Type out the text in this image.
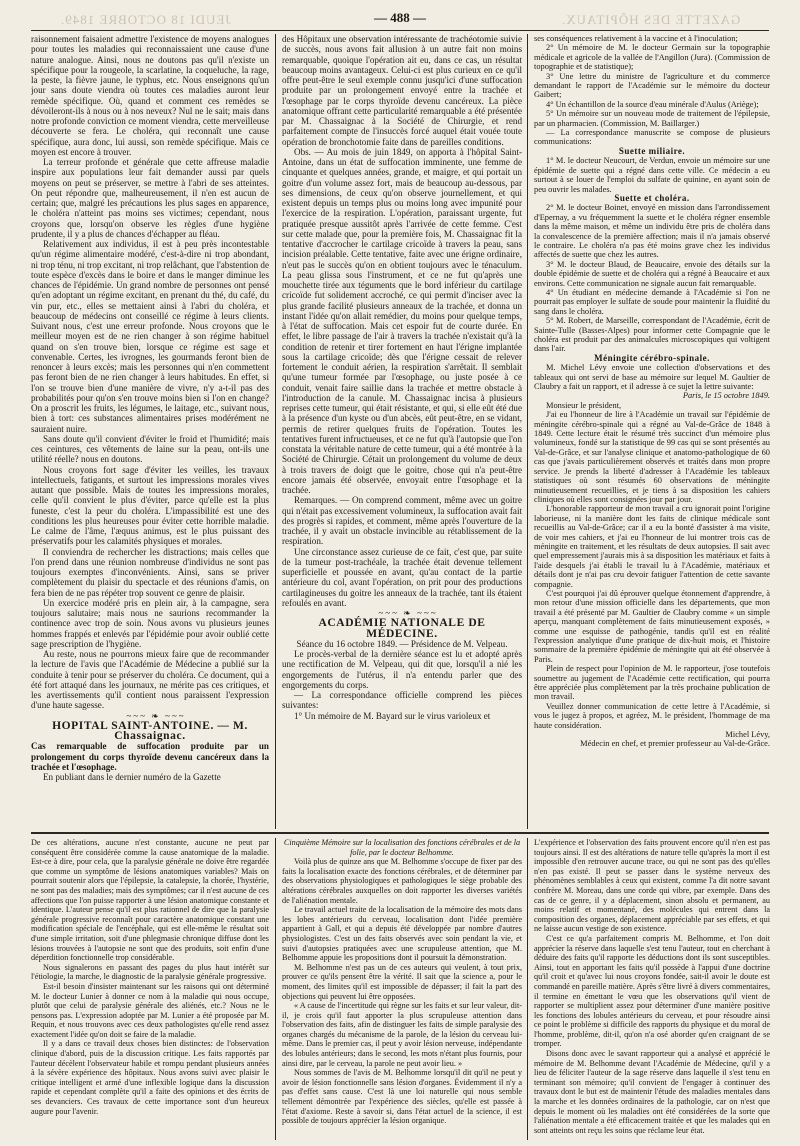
JEUDI 18 OCTOBRE 1849.	— 488 —	GAZETTE DES HÔPITAUX.

raisonnement faisaient admettre l'existence de moyens analogues pour toutes les maladies qui reconnaissaient une cause d'une nature analogue. Ainsi, nous ne doutons pas qu'il n'existe un spécifique pour la rougeole, la scarlatine, la coqueluche, la rage, la peste, la fièvre jaune, le typhus, etc. Nous enseignons qu'un jour sans doute viendra où toutes ces maladies auront leur remède spécifique. Où, quand et comment ces remèdes se dévoileront-ils à nous ou à nos neveux? Nul ne le sait; mais dans notre profonde conviction ce moment viendra, cette merveilleuse découverte se fera. Le choléra, qui reconnaît une cause spécifique, aura donc, lui aussi, son remède spécifique. Mais ce moyen est encore à trouver.

La terreur profonde et générale que cette affreuse maladie inspire aux populations leur fait demander aussi par quels moyens on peut se préserver, se mettre à l'abri de ses atteintes. On peut répondre que, malheureusement, il n'en est aucun de certain; que, malgré les précautions les plus sages en apparence, le choléra n'atteint pas moins ses victimes; cependant, nous croyons que, lorsqu'on observe les règles d'une hygiène prudente, il y a plus de chances d'échapper au fléau.

Relativement aux individus, il est à peu près incontestable qu'un régime alimentaire modéré, c'est-à-dire ni trop abondant, ni trop ténu, ni trop excitant, ni trop relâchant, que l'abstention de toute espèce d'excès dans le boire et dans le manger diminue les chances de l'épidémie. Un grand nombre de personnes ont pensé qu'en adoptant un régime excitant, en prenant du thé, du café, du vin pur, etc., elles se mettaient ainsi à l'abri du choléra, et beaucoup de médecins ont conseillé ce régime à leurs clients. Suivant nous, c'est une erreur profonde. Nous croyons que le meilleur moyen est de ne rien changer à son régime habituel quand on s'en trouve bien, lorsque ce régime est sage et convenable. Certes, les ivrognes, les gourmands feront bien de renoncer à leurs excès; mais les personnes qui n'en commettent pas feront bien de ne rien changer à leurs habitudes. En effet, si l'on se trouve bien d'une manière de vivre, n'y a-t-il pas des probabilités pour qu'on s'en trouve moins bien si l'on en change? On a proscrit les fruits, les légumes, le laitage, etc., suivant nous, bien à tort: ces substances alimentaires prises modérément ne sauraient nuire.

Sans doute qu'il convient d'éviter le froid et l'humidité; mais ces ceintures, ces vêtements de laine sur la peau, ont-ils une utilité réelle? nous en doutons.

Nous croyons fort sage d'éviter les veilles, les travaux intellectuels, fatigants, et surtout les impressions morales vives autant que possible. Mais de toutes les impressions morales, celle qu'il convient le plus d'éviter, parce qu'elle est la plus funeste, c'est la peur du choléra. L'impassibilité est une des conditions les plus heureuses pour éviter cette horrible maladie. Le calme de l'âme, l'æquus animus, est le plus puissant des préservatifs pour les calamités physiques et morales.

Il conviendra de rechercher les distractions; mais celles que l'on prend dans une réunion nombreuse d'individus ne sont pas toujours exemptes d'inconvénients. Ainsi, sans se priver complètement du plaisir du spectacle et des réunions d'amis, on fera bien de ne pas répéter trop souvent ce genre de plaisir.

Un exercice modéré pris en plein air, à la campagne, sera toujours salutaire; mais nous ne saurions recommander la continence avec trop de soin. Nous avons vu plusieurs jeunes hommes frappés et enlevés par l'épidémie pour avoir oublié cette sage prescription de l'hygiène.

Au reste, nous ne pourrons mieux faire que de recommander la lecture de l'avis que l'Académie de Médecine a publié sur la conduite à tenir pour se préserver du choléra. Ce document, qui a été fort attaqué dans les journaux, ne mérite pas ces critiques, et les avertissements qu'il contient nous paraissent l'expression d'une haute sagesse.

~~~ ❧ ~~~

HOPITAL SAINT-ANTOINE. — M. Chassaignac.

Cas remarquable de suffocation produite par un prolongement du corps thyroïde devenu cancéreux dans la trachée et l'œsophage.

En publiant dans le dernier numéro de la Gazette

des Hôpitaux une observation intéressante de trachéotomie suivie de succès, nous avons fait allusion à un autre fait non moins remarquable, quoique l'opération ait eu, dans ce cas, un résultat beaucoup moins avantageux. Celui-ci est plus curieux en ce qu'il offre peut-être le seul exemple connu jusqu'ici d'une suffocation produite par un prolongement envoyé entre la trachée et l'œsophage par le corps thyroïde devenu cancéreux. La pièce anatomique offrant cette particularité remarquable a été présentée par M. Chassaignac à la Société de Chirurgie, et rend parfaitement compte de l'insuccès forcé auquel était vouée toute opération de bronchotomie faite dans de pareilles conditions.

Obs. — Au mois de juin 1849, on apporta à l'hôpital Saint-Antoine, dans un état de suffocation imminente, une femme de cinquante et quelques années, grande, et maigre, et qui portait un goitre d'un volume assez fort, mais de beaucoup au-dessous, par ses dimensions, de ceux qu'on observe journellement, et qui existent depuis un temps plus ou moins long avec impunité pour l'exercice de la respiration. L'opération, paraissant urgente, fut pratiquée presque aussitôt après l'arrivée de cette femme. C'est sur cette malade que, pour la première fois, M. Chassaignac fit la tentative d'accrocher le cartilage cricoïde à travers la peau, sans incision préalable. Cette tentative, faite avec une érigne ordinaire, n'eut pas le succès qu'on en obtient toujours avec le ténaculum. La peau glissa sous l'instrument, et ce ne fut qu'après une mouchette tirée aux téguments que le bord inférieur du cartilage cricoïde fut solidement accroché, ce qui permit d'inciser avec la plus grande facilité plusieurs anneaux de la trachée, et donna un instant l'idée qu'on allait remédier, du moins pour quelque temps, à l'état de suffocation. Mais cet espoir fut de courte durée. En effet, le libre passage de l'air à travers la trachée n'existait qu'à la condition de retenir et tirer fortement en haut l'érigne implantée sous la cartilage cricoïde; dès que l'érigne cessait de relever fortement le conduit aérien, la respiration s'arrêtait. Il semblait qu'une tumeur formée par l'œsophage, ou juste posée à ce conduit, venait faire saillie dans la trachée et mettre obstacle à l'introduction de la canule. M. Chassaignac incisa à plusieurs reprises cette tumeur, qui était résistante, et qui, si elle eût été due à la présence d'un kyste ou d'un abcès, eût peut-être, en se vidant, permis de retirer quelques fruits de l'opération. Toutes les tentatives furent infructueuses, et ce ne fut qu'à l'autopsie que l'on constata la véritable nature de cette tumeur, qui a été montrée à la Société de Chirurgie. Cétait un prolongement du volume de deux à trois travers de doigt que le goitre, chose qui n'a peut-être encore jamais été observée, envoyait entre l'œsophage et la trachée.

Remarques. — On comprend comment, même avec un goitre qui n'était pas excessivement volumineux, la suffocation avait fait des progrès si rapides, et comment, même après l'ouverture de la trachée, il y avait un obstacle invincible au rétablissement de la respiration.

Une circonstance assez curieuse de ce fait, c'est que, par suite de la tumeur post-trachéale, la trachée était devenue tellement superficielle et poussée en avant, qu'au contact de la partie antérieure du col, avant l'opération, on prit pour des productions cartilagineuses du goitre les anneaux de la trachée, tant ils étaient refoulés en avant.

~~~ ❧ ~~~

ACADÉMIE NATIONALE DE MÉDECINE.

Séance du 16 octobre 1849. — Présidence de M. Velpeau.

Le procès-verbal de la dernière séance est lu et adopté après une rectification de M. Velpeau, qui dit que, lorsqu'il a nié les engorgements de l'utérus, il n'a entendu parler que des engorgements du corps.

— La correspondance officielle comprend les pièces suivantes:

1° Un mémoire de M. Bayard sur le virus varioleux et

ses conséquences relativement à la vaccine et à l'inoculation;

2° Un mémoire de M. le docteur Germain sur la topographie médicale et agricole de la vallée de l'Angillon (Jura). (Commission de topographie et de statistique);

3° Une lettre du ministre de l'agriculture et du commerce demandant le rapport de l'Académie sur le mémoire du docteur Gaibert;

4° Un échantillon de la source d'eau minérale d'Aulus (Ariège);

5° Un mémoire sur un nouveau mode de traitement de l'épilepsie, par un pharmacien. (Commission, M. Baillarger.)

— La correspondance manuscrite se compose de plusieurs communications:

Suette miliaire.

1° M. le docteur Neucourt, de Verdun, envoie un mémoire sur une épidémie de suette qui a régné dans cette ville. Ce médecin a eu surtout à se louer de l'emploi du sulfate de quinine, en ayant soin de peu ouvrir les malades.

Suette et choléra.

2° M. le docteur Boinet, envoyé en mission dans l'arrondissement d'Epernay, a vu fréquemment la suette et le choléra régner ensemble dans la même maison, et même un individu être pris de choléra dans la convalescence de la première affection; mais il n'a jamais observé le contraire. Le choléra n'a pas été moins grave chez les individus affectés de suette que chez les autres.

3° M. le docteur Blaud, de Beaucaire, envoie des détails sur la double épidémie de suette et de choléra qui a régné à Beaucaire et aux environs. Cette communication ne signale aucun fait remarquable.

4° Un étudiant en médecine demande à l'Académie si l'on ne pourrait pas employer le sulfate de soude pour maintenir la fluidité du sang dans le choléra.

5° M. Robert, de Marseille, correspondant de l'Académie, écrit de Sainte-Tulle (Basses-Alpes) pour informer cette Compagnie que le choléra est produit par des animalcules microscopiques qui voltigent dans l'air.

Méningite cérébro-spinale.

M. Michel Lévy envoie une collection d'observations et des tableaux qui ont servi de base au mémoire sur lequel M. Gaultier de Claubry a fait un rapport, et il adresse à ce sujet la lettre suivante:

Paris, le 15 octobre 1849.

Monsieur le président,

J'ai eu l'honneur de lire à l'Académie un travail sur l'épidémie de méningite cérébro-spinale qui a régné au Val-de-Grâce de 1848 à 1849. Cette lecture était le résumé très succinct d'un mémoire plus volumineux, fondé sur la statistique de 99 cas qui se sont présentés au Val-de-Grâce, et sur l'analyse clinique et anatomo-pathologique de 60 cas que j'avais particulièrement observés et traités dans mon propre service. Je prends la liberté d'adresser à l'Académie les tableaux statistiques où sont résumés 60 observations de méningite minutieusement recueillies, et je tiens à sa disposition les cahiers cliniques où elles sont consignées jour par jour.

L'honorable rapporteur de mon travail a cru ignorait point l'origine laborieuse, ni la manière dont les faits de clinique médicale sont recueillis au Val-de-Grâce; car il a eu la bonté d'assister à ma visite, de voir mes cahiers, et j'ai eu l'honneur de lui montrer trois cas de méningite en traitement, et les résultats de deux autopsies. Il sait avec quel empressement j'aurais mis à sa disposition les matériaux et faits à l'aide desquels j'ai établi le travail lu à l'Académie, matériaux et détails dont je n'ai pas cru devoir fatiguer l'attention de cette savante compagnie.

C'est pourquoi j'ai dû éprouver quelque étonnement d'apprendre, à mon retour d'une mission officielle dans les départements, que mon travail a été présenté par M. Gaultier de Claubry comme « un simple aperçu, manquant complètement de faits minutieusement exposés, » comme une esquisse de pathogénie, tandis qu'il est en réalité l'expression analytique d'une pratique de dix-huit mois, et l'histoire sommaire de la première épidémie de méningite qui ait été observée à Paris.

Plein de respect pour l'opinion de M. le rapporteur, j'ose toutefois soumettre au jugement de l'Académie cette rectification, qui pourra être appréciée plus complètement par la très prochaine publication de mon travail.

Veuillez donner communication de cette lettre à l'Académie, si vous le jugez à propos, et agréez, M. le président, l'hommage de ma haute considération.

Michel Lévy,

Médecin en chef, et premier professeur au Val-de-Grâce.

De ces altérations, aucune n'est constante, aucune ne peut par conséquent être considérée comme la cause anatomique de la maladie. Est-ce à dire, pour cela, que la paralysie générale ne doive être regardée que comme un symptôme de lésions anatomiques variables? Mais on pourrait soutenir alors que l'épilepsie, la catalepsie, la chorée, l'hystérie, ne sont pas des maladies; mais des symptômes; car il n'est aucune de ces affections que l'on puisse rapporter à une lésion anatomique constante et identique. L'auteur pense qu'il est plus rationnel de dire que la paralysie générale progressive reconnaît pour caractère anatomique constant une modification spéciale de l'encéphale, qui est elle-même le résultat soit d'une simple irritation, soit d'une phlegmasie chronique diffuse dont les lésions trouvées à l'autopsie ne sont que des produits, soit enfin d'une déperdition fonctionnelle trop considérable.

Nous signalerons en passant des pages du plus haut intérêt sur l'étiologie, la marche, le diagnostic de la paralysie générale progressive.

Est-il besoin d'insister maintenant sur les raisons qui ont déterminé M. le docteur Lunier à donner ce nom à la maladie qui nous occupe, plutôt que celui de paralysie générale des aliénés, etc.? Nous ne le pensons pas. L'expression adoptée par M. Lunier a été proposée par M. Requin, et nous trouvons avec ces deux pathologistes qu'elle rend assez exactement l'idée qu'on doit se faire de la maladie.

Il y a dans ce travail deux choses bien distinctes: de l'observation clinique d'abord, puis de la discussion critique. Les faits rapportés par l'auteur décèlent l'observateur habile et rompu pendant plusieurs années à la sévère expérience des hôpitaux. Nous avons suivi avec plaisir le critique intelligent et armé d'une inflexible logique dans la discussion rapide et cependant complète qu'il a faite des opinions et des écrits de ses devanciers. Ces travaux de cette importance sont d'un heureux augure pour l'avenir.

Cinquième Mémoire sur la localisation des fonctions cérébrales et de la folie, par le docteur Belhomme.

Voilà plus de quinze ans que M. Belhomme s'occupe de fixer par des faits la localisation exacte des fonctions cérébrales, et de déterminer par des observations physiologiques et pathologiques le siège probable des altérations cérébrales auxquelles on doit rapporter les diverses variétés de l'aliénation mentale.

Le travail actuel traite de la localisation de la mémoire des mots dans les lobes antérieurs du cerveau, localisation dont l'idée première appartient à Gall, et qui a depuis été développée par nombre d'autres physiologistes. C'est un des faits observés avec soin pendant la vie, et suivi d'autopsies pratiquées avec une scrupuleuse attention, que M. Belhomme appuie les propositions dont il poursuit la démonstration.

M. Belhomme n'est pas un de ces auteurs qui veulent, à tout prix, prouver ce qu'ils pensent être la vérité. Il sait que la science a, pour le moment, des limites qu'il est impossible de dépasser; il fait la part des objections qui peuvent lui être opposées.

« A cause de l'incertitude qui règne sur les faits et sur leur valeur, dit-il, je crois qu'il faut apporter la plus scrupuleuse attention dans l'observation des faits, afin de distinguer les faits de simple paralysie des organes chargés du mécanisme de la parole, de la lésion du cerveau lui-même. Dans le premier cas, il peut y avoir lésion nerveuse, indépendante des lobules antérieurs; dans le second, les mots n'étant plus fournis, pour ainsi dire, par le cerveau, la parole ne peut avoir lieu. »

Nous sommes de l'avis de M. Belhomme lorsqu'il dit qu'il ne peut y avoir de lésion fonctionnelle sans lésion d'organes. Évidemment il n'y a pas d'effet sans cause. C'est là une loi naturelle qui nous semble tellement démontrée par l'expérience des siècles, qu'elle est passée à l'état d'axiome. Reste à savoir si, dans l'état actuel de la science, il est possible de toujours apprécier la lésion organique.

L'expérience et l'observation des faits prouvent encore qu'il n'en est pas toujours ainsi. Il est des altérations de nature telle qu'après la mort il est impossible d'en retrouver aucune trace, ou qui ne sont pas des qu'elles n'en pas existé. Il peut se passer dans le système nerveux des phénomènes semblables à ceux qui existent, comme l'a dit notre savant confrère M. Moreau, dans une corde qui vibre, par exemple. Dans des cas de ce genre, il y a déplacement, sinon absolu et permanent, au moins relatif et momentané, des molécules qui entrent dans la composition des organes, déplacement appréciable par ses effets, et qui ne laisse aucun vestige de son existence.

C'est ce qu'a parfaitement compris M. Belhomme, et l'on doit apprécier la réserve dans laquelle s'est tenu l'auteur, tout en cherchant à déduire des faits qu'il rapporte les déductions dont ils sont susceptibles. Ainsi, tout en apportant les faits qu'il possède à l'appui d'une doctrine qu'il croit et qu'avec lui nous croyons fondée, sait-il avoir le doute est commandé en pareille matière. Après s'être livré à divers commentaires, il termine en émettant le vœu que les observations qu'il vient de rapporter se multiplient assez pour déterminer d'une manière positive les fonctions des lobules antérieurs du cerveau, et pour résoudre ainsi ce point le problème si difficile des rapports du physique et du moral de l'homme, problème, dit-il, qu'on n'a osé aborder qu'en craignant de se tromper.

Disons donc avec le savant rapporteur qui a analysé et apprécié le mémoire de M. Belhomme devant l'Académie de Médecine, qu'il y a lieu de féliciter l'auteur de la sage réserve dans laquelle il s'est tenu en terminant son mémoire; qu'il convient de l'engager à continuer des travaux dont le but est de maintenir l'étude des maladies mentales dans la marche et les données ordinaires de la pathologie, car on n'est que depuis le moment où les maladies ont été considérées de la sorte que l'aliénation mentale a été efficacement traitée et que les malades qui en sont atteints ont reçu les soins que réclame leur état.
